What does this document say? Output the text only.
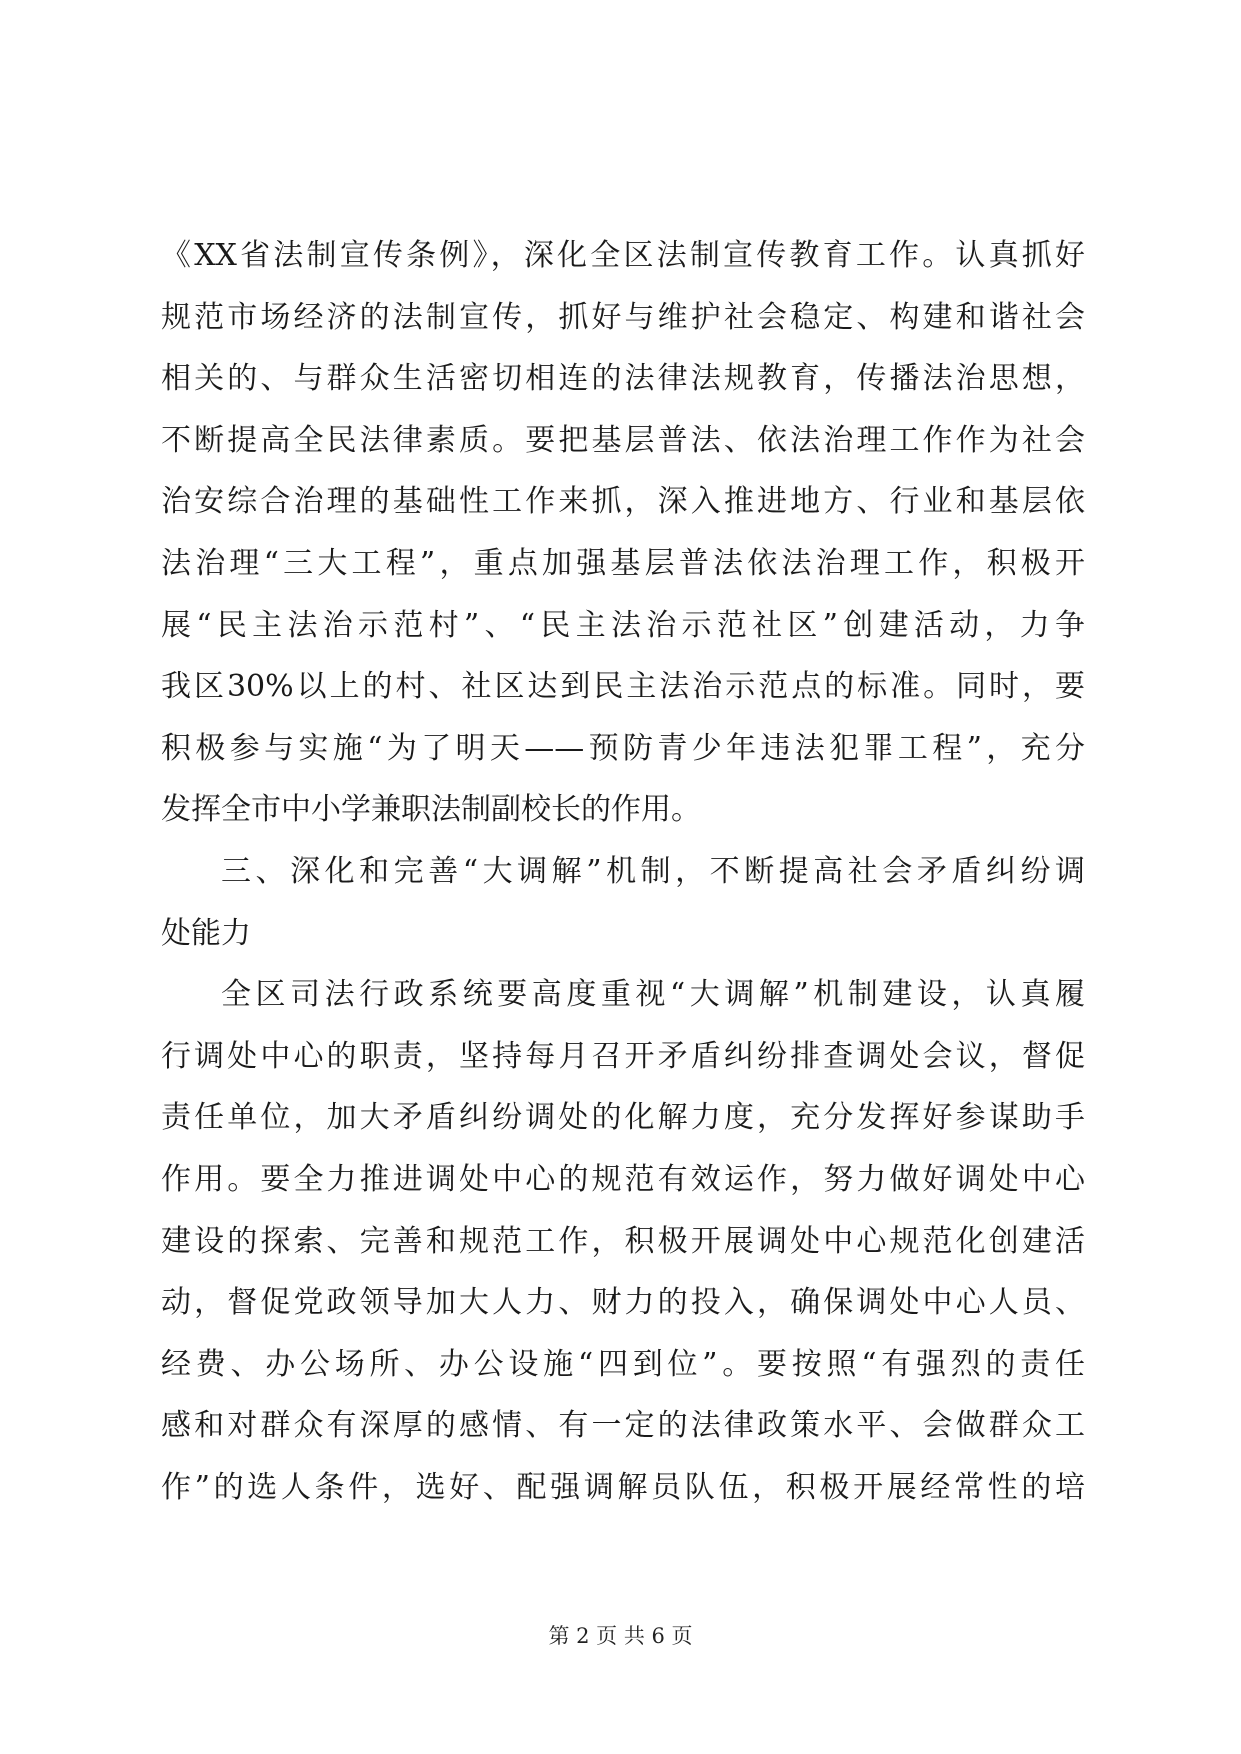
《XX省法制宣传条例》，深化全区法制宣传教育工作。认真抓好
规范市场经济的法制宣传，抓好与维护社会稳定、构建和谐社会
相关的、与群众生活密切相连的法律法规教育，传播法治思想，
不断提高全民法律素质。要把基层普法、依法治理工作作为社会
治安综合治理的基础性工作来抓，深入推进地方、行业和基层依
法治理“三大工程”，重点加强基层普法依法治理工作，积极开
展“民主法治示范村”、“民主法治示范社区”创建活动，力争
我区30%以上的村、社区达到民主法治示范点的标准。同时，要
积极参与实施“为了明天——预防青少年违法犯罪工程”，充分
发挥全市中小学兼职法制副校长的作用。
三、深化和完善“大调解”机制，不断提高社会矛盾纠纷调
处能力
全区司法行政系统要高度重视“大调解”机制建设，认真履
行调处中心的职责，坚持每月召开矛盾纠纷排查调处会议，督促
责任单位，加大矛盾纠纷调处的化解力度，充分发挥好参谋助手
作用。要全力推进调处中心的规范有效运作，努力做好调处中心
建设的探索、完善和规范工作，积极开展调处中心规范化创建活
动，督促党政领导加大人力、财力的投入，确保调处中心人员、
经费、办公场所、办公设施“四到位”。要按照“有强烈的责任
感和对群众有深厚的感情、有一定的法律政策水平、会做群众工
作”的选人条件，选好、配强调解员队伍，积极开展经常性的培
第 2 页 共 6 页
